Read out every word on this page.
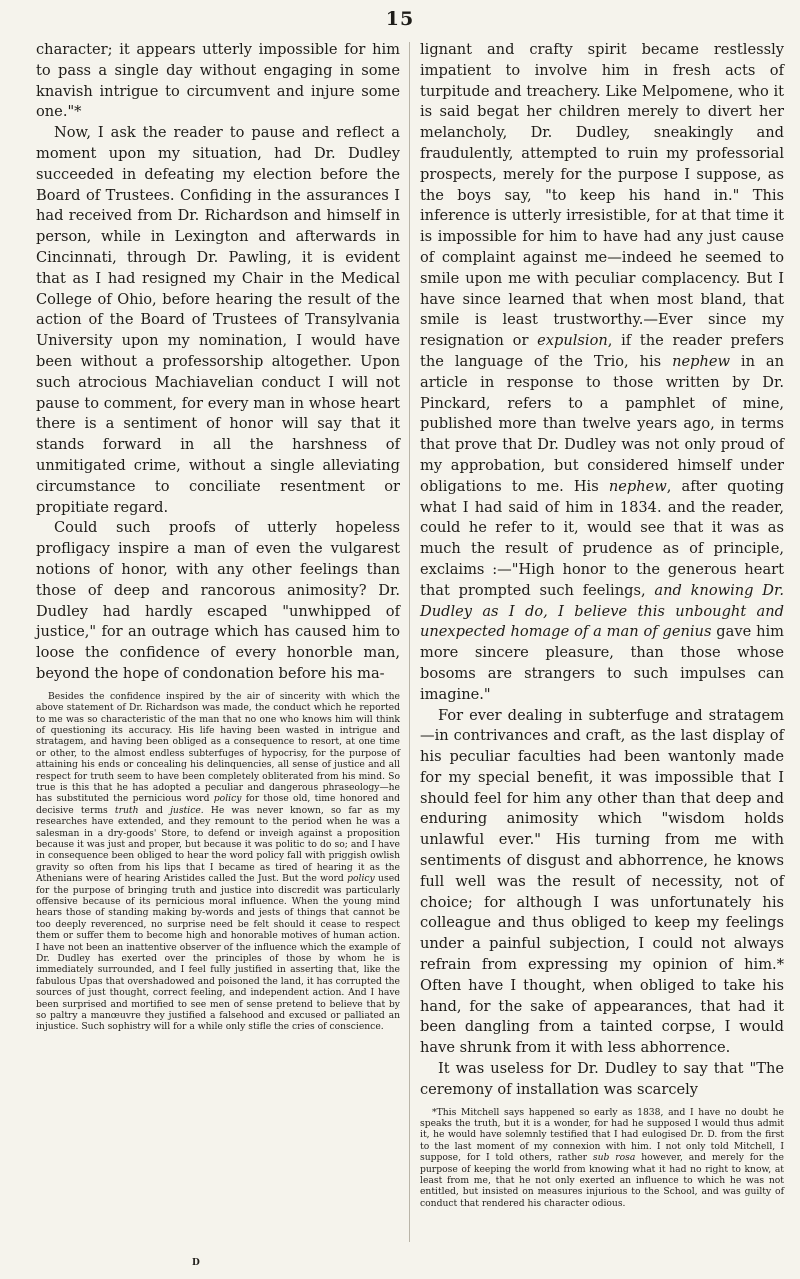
15

character; it appears utterly impossible for him to pass a single day without engaging in some knavish intrigue to circumvent and injure some one."*

Now, I ask the reader to pause and reflect a moment upon my situation, had Dr. Dudley succeeded in defeating my election before the Board of Trustees. Confiding in the assurances I had received from Dr. Richardson and himself in person, while in Lexington and afterwards in Cincinnati, through Dr. Pawling, it is evident that as I had resigned my Chair in the Medical College of Ohio, before hearing the result of the action of the Board of Trustees of Transylvania University upon my nomination, I would have been without a professorship altogether. Upon such atrocious Machiavelian conduct I will not pause to comment, for every man in whose heart there is a sentiment of honor will say that it stands forward in all the harshness of unmitigated crime, without a single alleviating circumstance to conciliate resentment or propitiate regard.

Could such proofs of utterly hopeless profligacy inspire a man of even the vulgarest notions of honor, with any other feelings than those of deep and rancorous animosity? Dr. Dudley had hardly escaped "unwhipped of justice," for an outrage which has caused him to loose the confidence of every honorble man, beyond the hope of condonation before his ma-

Besides the confidence inspired by the air of sincerity with which the above statement of Dr. Richardson was made, the conduct which he reported to me was so characteristic of the man that no one who knows him will think of questioning its accuracy. His life having been wasted in intrigue and stratagem, and having been obliged as a consequence to resort, at one time or other, to the almost endless subterfuges of hypocrisy, for the purpose of attaining his ends or concealing his delinquencies, all sense of justice and all respect for truth seem to have been completely obliterated from his mind. So true is this that he has adopted a peculiar and dangerous phraseology—he has substituted the pernicious word policy for those old, time honored and decisive terms truth and justice. He was never known, so far as my researches have extended, and they remount to the period when he was a salesman in a dry-goods' Store, to defend or inveigh against a proposition because it was just and proper, but because it was politic to do so; and I have in consequence been obliged to hear the word policy fall with priggish owlish gravity so often from his lips that I became as tired of hearing it as the Athenians were of hearing Aristides called the Just. But the word policy used for the purpose of bringing truth and justice into discredit was particularly offensive because of its pernicious moral influence. When the young mind hears those of standing making by-words and jests of things that cannot be too deeply reverenced, no surprise need be felt should it cease to respect them or suffer them to become high and honorable motives of human action. I have not been an inattentive observer of the influence which the example of Dr. Dudley has exerted over the principles of those by whom he is immediately surrounded, and I feel fully justified in asserting that, like the fabulous Upas that overshadowed and poisoned the land, it has corrupted the sources of just thought, correct feeling, and independent action. And I have been surprised and mortified to see men of sense pretend to believe that by so paltry a manœuvre they justified a falsehood and excused or palliated an injustice. Such sophistry will for a while only stifle the cries of conscience.

lignant and crafty spirit became restlessly impatient to involve him in fresh acts of turpitude and treachery. Like Melpomene, who it is said begat her children merely to divert her melancholy, Dr. Dudley, sneakingly and fraudulently, attempted to ruin my professorial prospects, merely for the purpose I suppose, as the boys say, "to keep his hand in." This inference is utterly irresistible, for at that time it is impossible for him to have had any just cause of complaint against me—indeed he seemed to smile upon me with peculiar complacency. But I have since learned that when most bland, that smile is least trustworthy.—Ever since my resignation or expulsion, if the reader prefers the language of the Trio, his nephew in an article in response to those written by Dr. Pinckard, refers to a pamphlet of mine, published more than twelve years ago, in terms that prove that Dr. Dudley was not only proud of my approbation, but considered himself under obligations to me. His nephew, after quoting what I had said of him in 1834. and the reader, could he refer to it, would see that it was as much the result of prudence as of principle, exclaims :—"High honor to the generous heart that prompted such feelings, and knowing Dr. Dudley as I do, I believe this unbought and unexpected homage of a man of genius gave him more sincere pleasure, than those whose bosoms are strangers to such impulses can imagine."

For ever dealing in subterfuge and stratagem—in contrivances and craft, as the last display of his peculiar faculties had been wantonly made for my special benefit, it was impossible that I should feel for him any other than that deep and enduring animosity which "wisdom holds unlawful ever." His turning from me with sentiments of disgust and abhorrence, he knows full well was the result of necessity, not of choice; for although I was unfortunately his colleague and thus obliged to keep my feelings under a painful subjection, I could not always refrain from expressing my opinion of him.* Often have I thought, when obliged to take his hand, for the sake of appearances, that had it been dangling from a tainted corpse, I would have shrunk from it with less abhorrence.

It was useless for Dr. Dudley to say that "The ceremony of installation was scarcely

*This Mitchell says happened so early as 1838, and I have no doubt he speaks the truth, but it is a wonder, for had he supposed I would thus admit it, he would have solemnly testified that I had eulogised Dr. D. from the first to the last moment of my connexion with him. I not only told Mitchell, I suppose, for I told others, rather sub rosa however, and merely for the purpose of keeping the world from knowing what it had no right to know, at least from me, that he not only exerted an influence to which he was not entitled, but insisted on measures injurious to the School, and was guilty of conduct that rendered his character odious.

D
